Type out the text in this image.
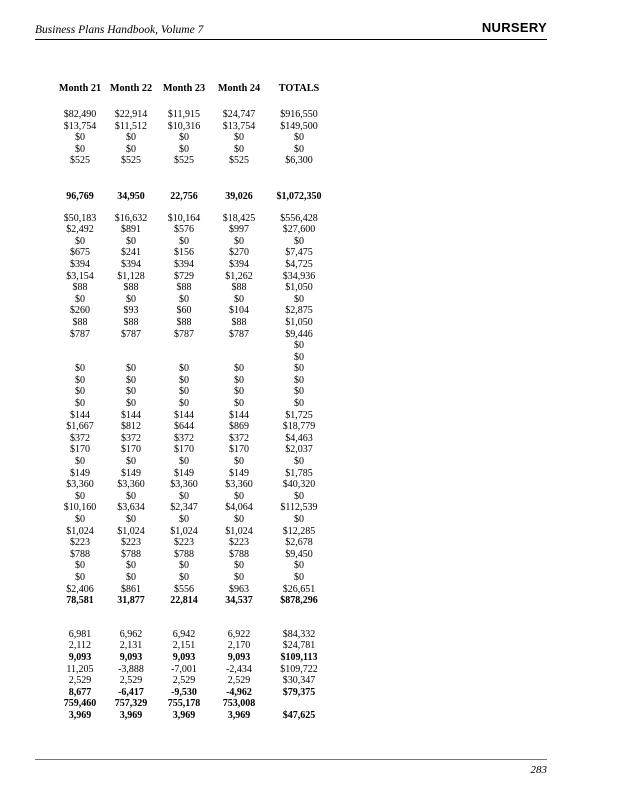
Business Plans Handbook, Volume 7	NURSERY
Month 21	Month 22	Month 23	Month 24	TOTALS

$82,490	$22,914	$11,915	$24,747	$916,550
$13,754	$11,512	$10,316	$13,754	$149,500
$0	$0	$0	$0	$0
$0	$0	$0	$0	$0
$525	$525	$525	$525	$6,300

96,769	34,950	22,756	39,026	$1,072,350

$50,183	$16,632	$10,164	$18,425	$556,428
$2,492	$891	$576	$997	$27,600
$0	$0	$0	$0	$0
$675	$241	$156	$270	$7,475
$394	$394	$394	$394	$4,725
$3,154	$1,128	$729	$1,262	$34,936
$88	$88	$88	$88	$1,050
$0	$0	$0	$0	$0
$260	$93	$60	$104	$2,875
$88	$88	$88	$88	$1,050
$787	$787	$787	$787	$9,446
				$0
				$0
$0	$0	$0	$0	$0
$0	$0	$0	$0	$0
$0	$0	$0	$0	$0
$0	$0	$0	$0	$0
$144	$144	$144	$144	$1,725
$1,667	$812	$644	$869	$18,779
$372	$372	$372	$372	$4,463
$170	$170	$170	$170	$2,037
$0	$0	$0	$0	$0
$149	$149	$149	$149	$1,785
$3,360	$3,360	$3,360	$3,360	$40,320
$0	$0	$0	$0	$0
$10,160	$3,634	$2,347	$4,064	$112,539
$0	$0	$0	$0	$0
$1,024	$1,024	$1,024	$1,024	$12,285
$223	$223	$223	$223	$2,678
$788	$788	$788	$788	$9,450
$0	$0	$0	$0	$0
$0	$0	$0	$0	$0
$2,406	$861	$556	$963	$26,651
78,581	31,877	22,814	34,537	$878,296

6,981	6,962	6,942	6,922	$84,332
2,112	2,131	2,151	2,170	$24,781
9,093	9,093	9,093	9,093	$109,113
11,205	-3,888	-7,001	-2,434	$109,722
2,529	2,529	2,529	2,529	$30,347
8,677	-6,417	-9,530	-4,962	$79,375
759,460	757,329	755,178	753,008	
3,969	3,969	3,969	3,969	$47,625
283
